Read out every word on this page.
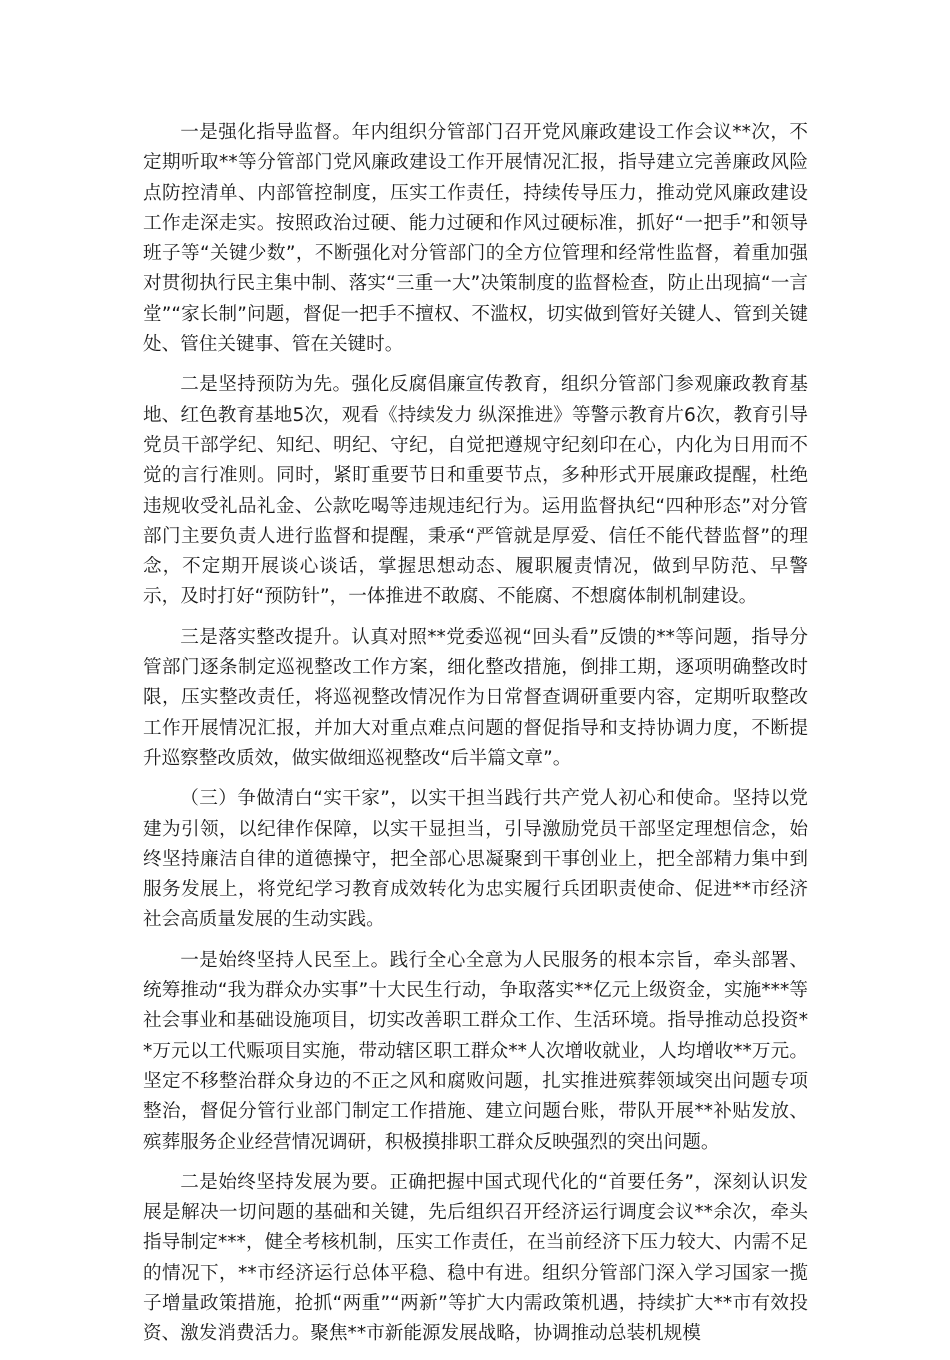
一是强化指导监督。年内组织分管部门召开党风廉政建设工作会议**次，不定期听取**等分管部门党风廉政建设工作开展情况汇报，指导建立完善廉政风险点防控清单、内部管控制度，压实工作责任，持续传导压力，推动党风廉政建设工作走深走实。按照政治过硬、能力过硬和作风过硬标准，抓好“一把手”和领导班子等“关键少数”，不断强化对分管部门的全方位管理和经常性监督，着重加强对贯彻执行民主集中制、落实“三重一大”决策制度的监督检查，防止出现搞“一言堂”“家长制”问题，督促一把手不擅权、不滥权，切实做到管好关键人、管到关键处、管住关键事、管在关键时。

二是坚持预防为先。强化反腐倡廉宣传教育，组织分管部门参观廉政教育基地、红色教育基地5次，观看《持续发力 纵深推进》等警示教育片6次，教育引导党员干部学纪、知纪、明纪、守纪，自觉把遵规守纪刻印在心，内化为日用而不觉的言行准则。同时，紧盯重要节日和重要节点，多种形式开展廉政提醒，杜绝违规收受礼品礼金、公款吃喝等违规违纪行为。运用监督执纪“四种形态”对分管部门主要负责人进行监督和提醒，秉承“严管就是厚爱、信任不能代替监督”的理念，不定期开展谈心谈话，掌握思想动态、履职履责情况，做到早防范、早警示，及时打好“预防针”，一体推进不敢腐、不能腐、不想腐体制机制建设。

三是落实整改提升。认真对照**党委巡视“回头看”反馈的**等问题，指导分管部门逐条制定巡视整改工作方案，细化整改措施，倒排工期，逐项明确整改时限，压实整改责任，将巡视整改情况作为日常督查调研重要内容，定期听取整改工作开展情况汇报，并加大对重点难点问题的督促指导和支持协调力度，不断提升巡察整改质效，做实做细巡视整改“后半篇文章”。

（三）争做清白“实干家”，以实干担当践行共产党人初心和使命。坚持以党建为引领，以纪律作保障，以实干显担当，引导激励党员干部坚定理想信念，始终坚持廉洁自律的道德操守，把全部心思凝聚到干事创业上，把全部精力集中到服务发展上，将党纪学习教育成效转化为忠实履行兵团职责使命、促进**市经济社会高质量发展的生动实践。

一是始终坚持人民至上。践行全心全意为人民服务的根本宗旨，牵头部署、统筹推动“我为群众办实事”十大民生行动，争取落实**亿元上级资金，实施***等社会事业和基础设施项目，切实改善职工群众工作、生活环境。指导推动总投资**万元以工代赈项目实施，带动辖区职工群众**人次增收就业，人均增收**万元。坚定不移整治群众身边的不正之风和腐败问题，扎实推进殡葬领域突出问题专项整治，督促分管行业部门制定工作措施、建立问题台账，带队开展**补贴发放、殡葬服务企业经营情况调研，积极摸排职工群众反映强烈的突出问题。

二是始终坚持发展为要。正确把握中国式现代化的“首要任务”，深刻认识发展是解决一切问题的基础和关键，先后组织召开经济运行调度会议**余次，牵头指导制定***，健全考核机制，压实工作责任，在当前经济下压力较大、内需不足的情况下，**市经济运行总体平稳、稳中有进。组织分管部门深入学习国家一揽子增量政策措施，抢抓“两重”“两新”等扩大内需政策机遇，持续扩大**市有效投资、激发消费活力。聚焦**市新能源发展战略，协调推动总装机规模
